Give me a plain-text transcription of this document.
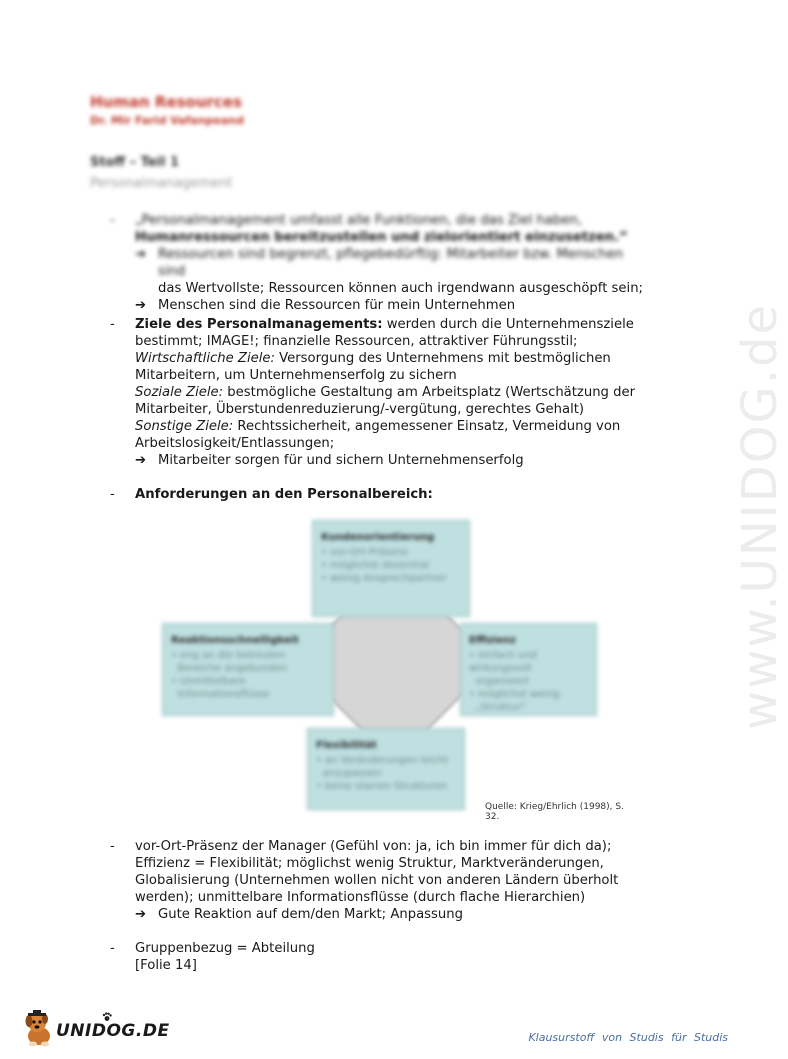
Human Resources
Dr. Mir Farid Vafanpeand
Stoff – Teil 1
Personalmanagement
- „Personalmanagement umfasst alle Funktionen, die das Ziel haben,
Humanressourcen bereitzustellen und zielorientiert einzusetzen.“
➔ Ressourcen sind begrenzt, pflegebedürftig: Mitarbeiter bzw. Menschen sind
das Wertvollste; Ressourcen können auch irgendwann ausgeschöpft sein;
➔ Menschen sind die Ressourcen für mein Unternehmen
- Ziele des Personalmanagements: werden durch die Unternehmensziele
bestimmt; IMAGE!; finanzielle Ressourcen, attraktiver Führungsstil;
Wirtschaftliche Ziele: Versorgung des Unternehmens mit bestmöglichen
Mitarbeitern, um Unternehmenserfolg zu sichern
Soziale Ziele: bestmögliche Gestaltung am Arbeitsplatz (Wertschätzung der
Mitarbeiter, Überstundenreduzierung/-vergütung, gerechtes Gehalt)
Sonstige Ziele: Rechtssicherheit, angemessener Einsatz, Vermeidung von
Arbeitslosigkeit/Entlassungen;
➔ Mitarbeiter sorgen für und sichern Unternehmenserfolg
- Anforderungen an den Personalbereich:
Kundenorientierung
• vor-Ort-Präsenz
• möglichst dezentral
• wenig Ansprechpartner
Reaktionsschnelligkeit
• eng an die betreuten
Bereiche angebunden
• Unmittelbare
Informationsflüsse
Effizienz
• einfach und wirkungsvoll
organisiert
• möglichst wenig
„Struktur“
Flexibilität
• an Veränderungen leicht
anzupassen
• keine starren Strukturen
Quelle: Krieg/Ehrlich (1998), S. 32.
- vor-Ort-Präsenz der Manager (Gefühl von: ja, ich bin immer für dich da);
Effizienz = Flexibilität; möglichst wenig Struktur, Marktveränderungen,
Globalisierung (Unternehmen wollen nicht von anderen Ländern überholt
werden); unmittelbare Informationsflüsse (durch flache Hierarchien)
➔ Gute Reaktion auf dem/den Markt; Anpassung
- Gruppenbezug = Abteilung
[Folie 14]
www.UNIDOG.de
UNIDOG.DE	Klausurstoff von Studis für Studis
